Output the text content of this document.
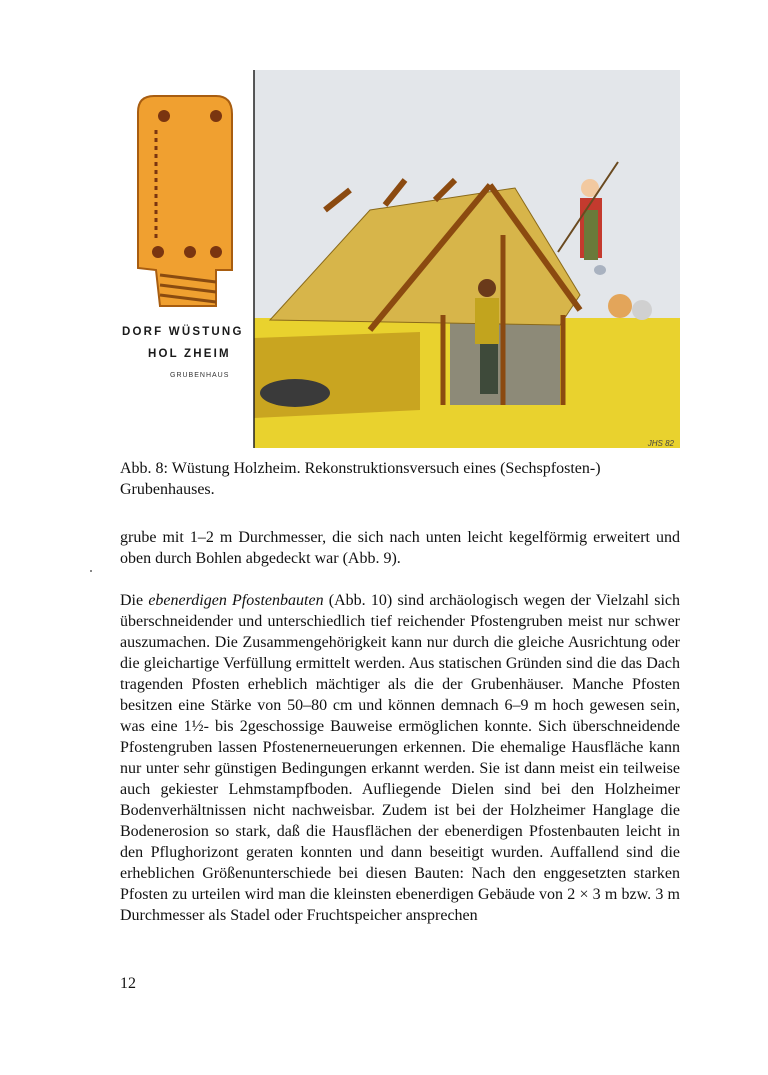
DORF WÜSTUNG
HOL ZHEIM
GRUBENHAUS
JHS 82
Abb. 8: Wüstung Holzheim. Rekonstruktionsversuch eines (Sechspfosten-) Grubenhauses.
grube mit 1–2 m Durchmesser, die sich nach unten leicht kegelförmig erweitert und oben durch Bohlen abgedeckt war (Abb. 9).
Die ebenerdigen Pfostenbauten (Abb. 10) sind archäologisch wegen der Vielzahl sich überschneidender und unterschiedlich tief reichender Pfostengruben meist nur schwer auszumachen. Die Zusammengehörigkeit kann nur durch die gleiche Ausrichtung oder die gleichartige Verfüllung ermittelt werden. Aus statischen Gründen sind die das Dach tragenden Pfosten erheblich mächtiger als die der Grubenhäuser. Manche Pfosten besitzen eine Stärke von 50–80 cm und können demnach 6–9 m hoch gewesen sein, was eine 1½- bis 2geschossige Bauweise ermöglichen konnte. Sich überschneidende Pfostengruben lassen Pfostenerneuerungen erkennen. Die ehemalige Hausfläche kann nur unter sehr günstigen Bedingungen erkannt werden. Sie ist dann meist ein teilweise auch gekiester Lehmstampfboden. Aufliegende Dielen sind bei den Holzheimer Bodenverhältnissen nicht nachweisbar. Zudem ist bei der Holzheimer Hanglage die Bodenerosion so stark, daß die Hausflächen der ebenerdigen Pfostenbauten leicht in den Pflughorizont geraten konnten und dann beseitigt wurden. Auffallend sind die erheblichen Größenunterschiede bei diesen Bauten: Nach den enggesetzten starken Pfosten zu urteilen wird man die kleinsten ebenerdigen Gebäude von 2 × 3 m bzw. 3 m Durchmesser als Stadel oder Fruchtspeicher ansprechen
12
